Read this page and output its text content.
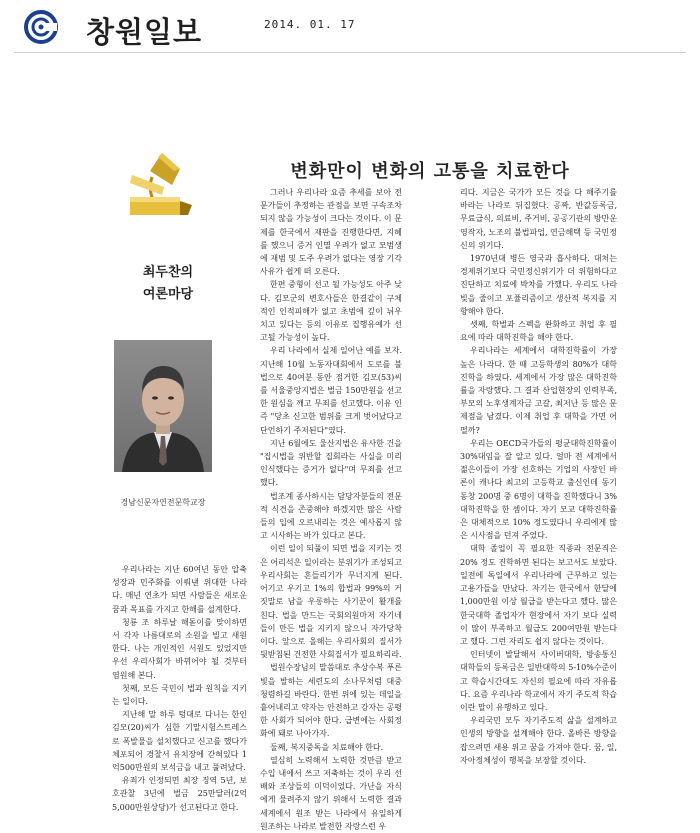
창원일보	2014. 01. 17
최두찬의
여론마당
경남신문자연전문학교장
변화만이 변화의 고통을 치료한다

우리나라는 지난 60여년 동안 압축성장과 민주화를 이뤄낸 위대한 나라다. 매년 연초가 되면 사람들은 새로운 꿈과 목표를 가지고 한해를 설계한다.

청룡 조 하루날 해돋이를 맞이하면서 각자 나름대로의 소원을 빌고 새원한다. 나는 개인적인 서원도 있었지만 우선 우리사회가 바뀌어야 될 것부터 염원해 본다.

첫째, 모든 국민이 법과 원칙을 지키는 일이다.

지난해 말 하루 텅대로 다니는 한인 김모(20)씨가 심한 기말시험스트레스로 폭발물을 설치했다고 신고를 했다가 체포되어 경찰서 유치장에 갇혀있다 1억500만원의 보석금을 내고 풀려났다.

유죄가 인정되면 최장 징역 5년, 보호관찰 3년에 벌금 25만달러(2억5,000만원상당)가 선고된다고 한다.

그러나 우리나라 요즘 추세를 보아 전문가들이 추정하는 관점을 보면 구속조차 되지 않을 가능성이 크다는 것이다. 이 문제를 한국에서 재판을 진행한다면, 지혜를 했으니 증거 인멸 우려가 없고 모범생에 재범 및 도주 우려가 없다는 영장 기각 사유가 쉽게 떠 오른다.

한편 중형이 선고 될 가능성도 아주 낮다. 김모군의 변호사들은 한결같이 구체적인 인적피해가 없고 초범에 깊이 뉘우치고 있다는 등의 이유로 집행유예가 선고될 가능성이 높다.

우리 나라에서 실제 일어난 예를 보자. 지난해 10월 노동자대회에서 도로를 불법으로 40여분 동안 점거한 김모(53)씨를 서울중앙지법은 벌금 150만원을 선고한 원심을 깨고 무죄를 선고했다. 이유 인즉 "당초 신고한 범위를 크게 벗어났다고 단언하기 주저된다"였다.

지난 6월에도 울산지법은 유사한 건을 "집시법을 위반할 집회라는 사실을 미리 인식했다는 증거가 없다"며 무죄를 선고 했다.

법조계 종사하시는 담당자분들의 전문적 식견을 존중해야 하겠지만 많은 사람들의 입에 오르내리는 것은 예사롭지 않고 시사하는 바가 있다고 본다.

이런 일이 되풀이 되면 법을 지키는 것은 어리석은 일이라는 분위기가 조성되고 우리사회는 흔들리기가 무너지게 된다. 어기고 우기고 1%의 합법과 99%의 거짓말로 남을 우롱하는 사기꾼이 활개를 친다. 법을 만드는 국회의원마저 자기네들이 만든 법을 지키지 않으니 자가당착이다. 앞으로 올해는 우리사회의 질서가 뒷받침된 건전한 사회질서가 필요하리라.

법원수장님의 말씀대로 추상수복 푸른 빛을 발하는 세련도의 소나무처럼 대중 청렴하길 바란다. 한번 위에 있는 데일을 흩어내리고 약자는 안전하고 강자는 공평한 사회가 되어야 한다. 급변에는 사회정화에 돼로 나아가자.

둘째, 복지중독을 치료해야 한다.

열심히 노력해서 노력한 것만큼 받고 수입 내에서 쓰고 저축하는 것이 우리 선배와 조상들의 미덕이었다. 가난을 자식에게 물려주지 않기 위해서 노력한 결과 세계에서 원조 받는 나라에서 유일하게 원조하는 나라로 발전한 자랑스런 우

리다. 지금은 국가가 모든 것을 다 해주기를 바라는 나라로 뒤집혔다. 공짜, 반값등록금, 무료급식, 의료비, 주거비, 공공기관의 방만운영작자, 노조의 불법파업, 연금해택 등 국민정신의 위기다.

1970년대 병든 영국과 흡사하다. 대처는 경제위기보다 국민정신위기가 더 위험하다고 진단하고 치료에 박차를 가했다. 우리도 나라빚을 줄이고 포퓰리즘이고 생산적 복지를 지향해야 한다.

셋째, 학벌과 스펙을 완화하고 취업 후 필요에 따라 대학진학을 해야 한다.

우리나라는 세계에서 대학진학률이 가장 높은 나라다. 한 때 고등학생의 80%가 대학진학을 하였다. 세계에서 가장 많은 대학진학률을 자랑했다. 그 결과 산업현장의 인력부족, 부모의 노후생계자금 고갈, 최저난 등 많은 문제점을 남겼다. 이제 취업 후 대학을 가면 어떨까?

우리는 OECD국가들의 평균대학진학률이 30%대임을 잘 알고 있다. 얼마 전 세계에서 젊은이들이 가장 선호하는 기업의 사장인 바론이 캐나다 최고의 고등학교 출신인데 동기동창 200명 중 6명이 대학을 진학했다니 3% 대학진학을 한 셈이다. 자기 모교 대학진학률은 대체적으로 10% 정도였다니 우리에게 많은 시사점을 던져 주었다.

대학 졸업이 꼭 필요한 직종과 전문직은 20% 정도 진학하면 된다는 보고서도 보았다. 일전에 독일에서 우리나라에 근무하고 있는 고용가들을 만났다. 자기는 한국에서 한달에 1,000만원 이상 월급을 받는다고 했다. 많은 한국대학 졸업자가 현장에서 자기 보다 실력이 많이 부족하고 월급도 200여만원 받는다고 했다. 그런 자리도 쉽지 않다는 것이다.

인터넷이 발달해서 사이버대학, 방송통신대학들의 등록금은 일반대학의 5-10%수준이고 학습시간대도 자신의 필요에 따라 자유롭다. 요즘 우리나라 학교에서 자기 주도적 학습이란 말이 유행하고 있다.

우리국민 모두 자기주도적 삶을 설계하고 인생의 방향을 설계해야 한다. 올바른 방향을 잡으려면 새용 위고 꿈을 가져야 한다. 꿈, 일, 자아정체성이 행복을 보장할 것이다.
